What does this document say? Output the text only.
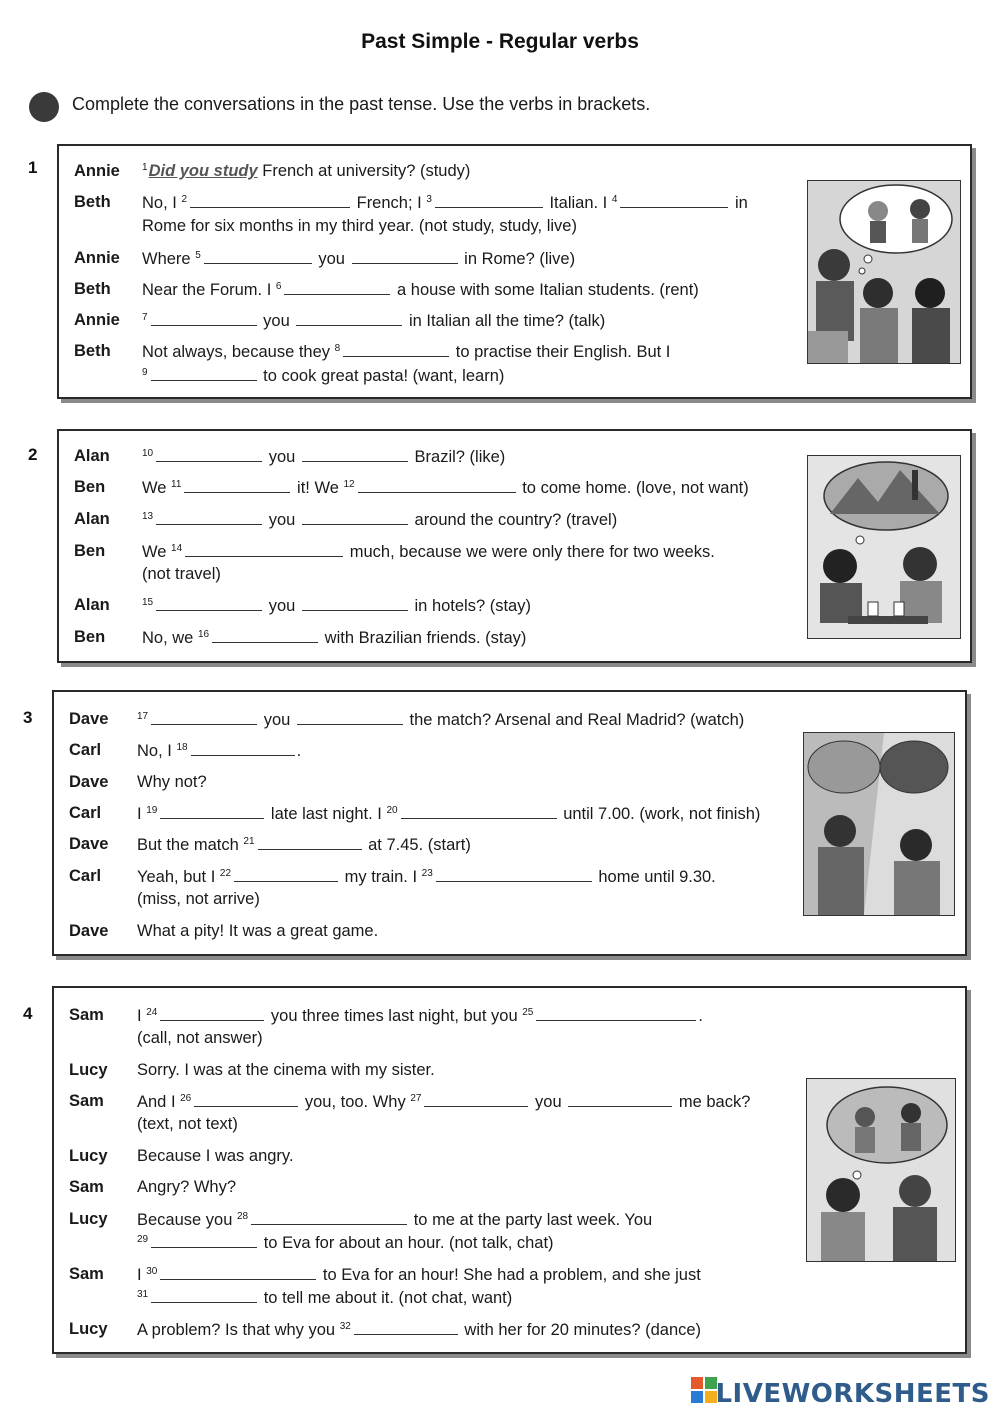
Past Simple - Regular verbs
Complete the conversations in the past tense. Use the verbs in brackets.
1 Annie $^1$Did you study French at university? (study)
Beth No, I $^2$	French; I $^3$	Italian. I $^4$	in
Rome for six months in my third year. (not study, study, live)
Annie Where $^5$	you	in Rome? (live)
Beth Near the Forum. I $^6$	a house with some Italian students. (rent)
Annie $^7$	you	in Italian all the time? (talk)
Beth Not always, because they $^8$	to practise their English. But I
$^9$	to cook great pasta! (want, learn)
2 Alan	$^{10}$	you	Brazil? (like)
Ben We $^{11}$	it! We $^{12}$	to come home. (love, not want)
Alan	$^{13}$	you	around the country? (travel)
Ben We $^{14}$	much, because we were only there for two weeks.
(not travel)
Alan	$^{15}$	you	in hotels? (stay)
Ben No, we $^{16}$	with Brazilian friends. (stay)
3 Dave	$^{17}$	you	the match? Arsenal and Real Madrid? (watch)
Carl No, I $^{18}$	.
Dave Why not?
Carl I $^{19}$	late last night. I $^{20}$	until 7.00. (work, not finish)
Dave But the match $^{21}$	at 7.45. (start)
Carl Yeah, but I $^{22}$	my train. I $^{23}$	home until 9.30.
(miss, not arrive)
Dave What a pity! It was a great game.
4 Sam I $^{24}$	you three times last night, but you $^{25}$	.
(call, not answer)
Lucy Sorry. I was at the cinema with my sister.
Sam And I $^{26}$	you, too. Why $^{27}$	you	me back?
(text, not text)
Lucy Because I was angry.
Sam Angry? Why?
Lucy Because you $^{28}$	to me at the party last week. You
$^{29}$	to Eva for about an hour. (not talk, chat)
Sam I $^{30}$	to Eva for an hour! She had a problem, and she just
$^{31}$	to tell me about it. (not chat, want)
Lucy A problem? Is that why you $^{32}$	with her for 20 minutes? (dance)
LIVEWORKSHEETS
